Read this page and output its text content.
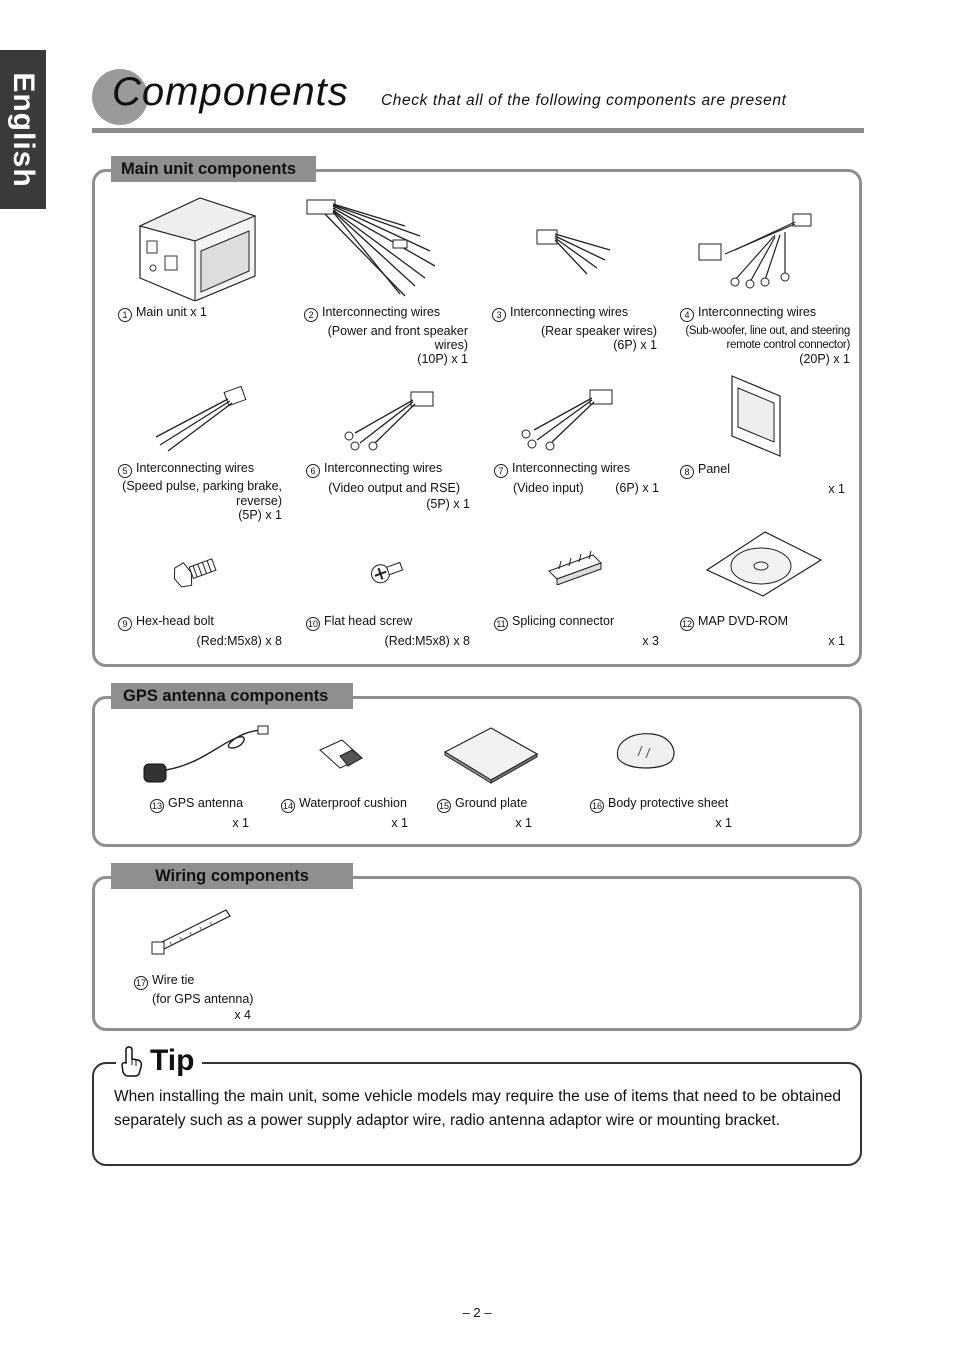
English Components Check that all of the following components are present
Main unit components
1 Main unit x 1	2 Interconnecting wires
(Power and front speaker
wires)
(10P) x 1
3 Interconnecting wires
(Rear speaker wires)
(6P) x 1
4 Interconnecting wires
(Sub-woofer, line out, and steering
remote control connector)
(20P) x 1
5 Interconnecting wires
(Speed pulse, parking brake,
reverse)
(5P) x 1
6 Interconnecting wires
(Video output and RSE)
(5P) x 1
7 Interconnecting wires
(Video input)	(6P) x 1
8 Panel
x 1
9 Hex-head bolt
(Red:M5x8) x 8
10 Flat head screw
(Red:M5x8) x 8
11 Splicing connector
x 3
12 MAP DVD-ROM
x 1
GPS antenna components
13 GPS antenna
x 1
14 Waterproof cushion
x 1
15 Ground plate
x 1
16 Body protective sheet
x 1
Wiring components
17 Wire tie
(for GPS antenna)
x 4
Tip
When installing the main unit, some vehicle models may require the use of items that need to be obtained separately such as a power supply adaptor wire, radio antenna adaptor wire or mounting bracket.
– 2 –
